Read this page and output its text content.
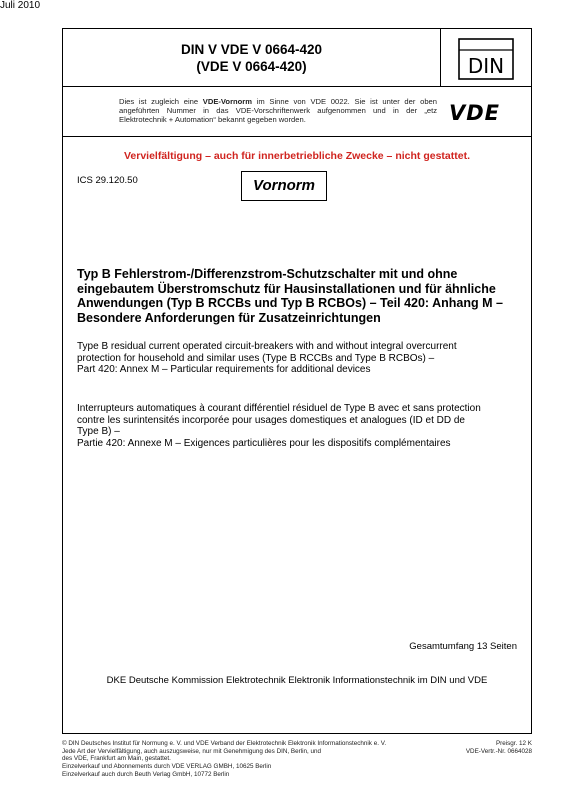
Juli 2010
DIN V VDE V 0664-420
(VDE V 0664-420)	DIN
Dies ist zugleich eine VDE-Vornorm im Sinne von VDE 0022. Sie ist unter der oben angeführten Nummer in das VDE-Vorschriftenwerk aufgenommen und in der „etz Elektrotechnik + Automation“ bekannt gegeben worden.	VDE
Vervielfältigung – auch für innerbetriebliche Zwecke – nicht gestattet.
ICS 29.120.50	Vornorm
Typ B Fehlerstrom-/Differenzstrom-Schutzschalter mit und ohne eingebautem Überstromschutz für Hausinstallationen und für ähnliche Anwendungen (Typ B RCCBs und Typ B RCBOs) – Teil 420: Anhang M – Besondere Anforderungen für Zusatzeinrichtungen
Type B residual current operated circuit-breakers with and without integral overcurrent
protection for household and similar uses (Type B RCCBs and Type B RCBOs) –
Part 420: Annex M – Particular requirements for additional devices
Interrupteurs automatiques à courant différentiel résiduel de Type B avec et sans protection
contre les surintensités incorporée pour usages domestiques et analogues (ID et DD de
Type B) –
Partie 420: Annexe M – Exigences particulières pour les dispositifs complémentaires
Gesamtumfang 13 Seiten
DKE Deutsche Kommission Elektrotechnik Elektronik Informationstechnik im DIN und VDE
© DIN Deutsches Institut für Normung e. V. und VDE Verband der Elektrotechnik Elektronik Informationstechnik e. V.
Jede Art der Vervielfältigung, auch auszugsweise, nur mit Genehmigung des DIN, Berlin, und
des VDE, Frankfurt am Main, gestattet.
Einzelverkauf und Abonnements durch VDE VERLAG GMBH, 10625 Berlin
Einzelverkauf auch durch Beuth Verlag GmbH, 10772 Berlin
Preisgr. 12 K
VDE-Vertr.-Nr. 0664028
